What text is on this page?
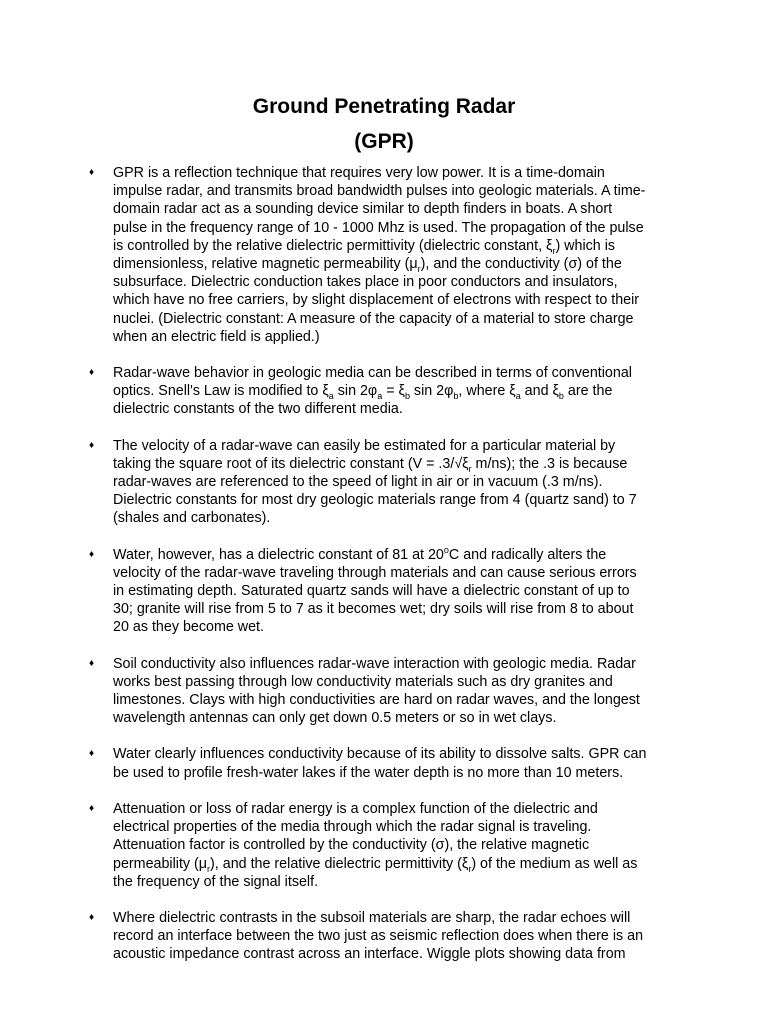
Ground Penetrating Radar
(GPR)
♦ GPR is a reflection technique that requires very low power. It is a time-domain
impulse radar, and transmits broad bandwidth pulses into geologic materials. A time-
domain radar act as a sounding device similar to depth finders in boats. A short
pulse in the frequency range of 10 - 1000 Mhz is used. The propagation of the pulse
is controlled by the relative dielectric permittivity (dielectric constant, $\xi_r$) which is
dimensionless, relative magnetic permeability $(\mu_r)$, and the conductivity (σ) of the
subsurface. Dielectric conduction takes place in poor conductors and insulators,
which have no free carriers, by slight displacement of electrons with respect to their
nuclei. (Dielectric constant: A measure of the capacity of a material to store charge
when an electric field is applied.)
♦ Radar-wave behavior in geologic media can be described in terms of conventional
optics. Snell's Law is modified to $\xi_a$ $\sin 2\varphi_a = \xi_b$ $\sin 2\varphi_b$, where $\xi_a$ and $\xi_b$ are the
dielectric constants of the two different media.
♦ The velocity of a radar-wave can easily be estimated for a particular material by
taking the square root of its dielectric constant ($V = .3/√\xi_r$ m/ns); the .3 is because
radar-waves are referenced to the speed of light in air or in vacuum (.3 m/ns).
Dielectric constants for most dry geologic materials range from 4 (quartz sand) to 7
(shales and carbonates).
♦ Water, however, has a dielectric constant of 81 at 20$^o$C and radically alters the
velocity of the radar-wave traveling through materials and can cause serious errors
in estimating depth. Saturated quartz sands will have a dielectric constant of up to
30; granite will rise from 5 to 7 as it becomes wet; dry soils will rise from 8 to about
20 as they become wet.
♦ Soil conductivity also influences radar-wave interaction with geologic media. Radar
works best passing through low conductivity materials such as dry granites and
limestones. Clays with high conductivities are hard on radar waves, and the longest
wavelength antennas can only get down 0.5 meters or so in wet clays.
♦ Water clearly influences conductivity because of its ability to dissolve salts. GPR can
be used to profile fresh-water lakes if the water depth is no more than 10 meters.
♦ Attenuation or loss of radar energy is a complex function of the dielectric and
electrical properties of the media through which the radar signal is traveling.
Attenuation factor is controlled by the conductivity (σ), the relative magnetic
permeability $(\mu_r)$, and the relative dielectric permittivity $(\xi_r)$ of the medium as well as
the frequency of the signal itself.
♦ Where dielectric contrasts in the subsoil materials are sharp, the radar echoes will
record an interface between the two just as seismic reflection does when there is an
acoustic impedance contrast across an interface. Wiggle plots showing data from
